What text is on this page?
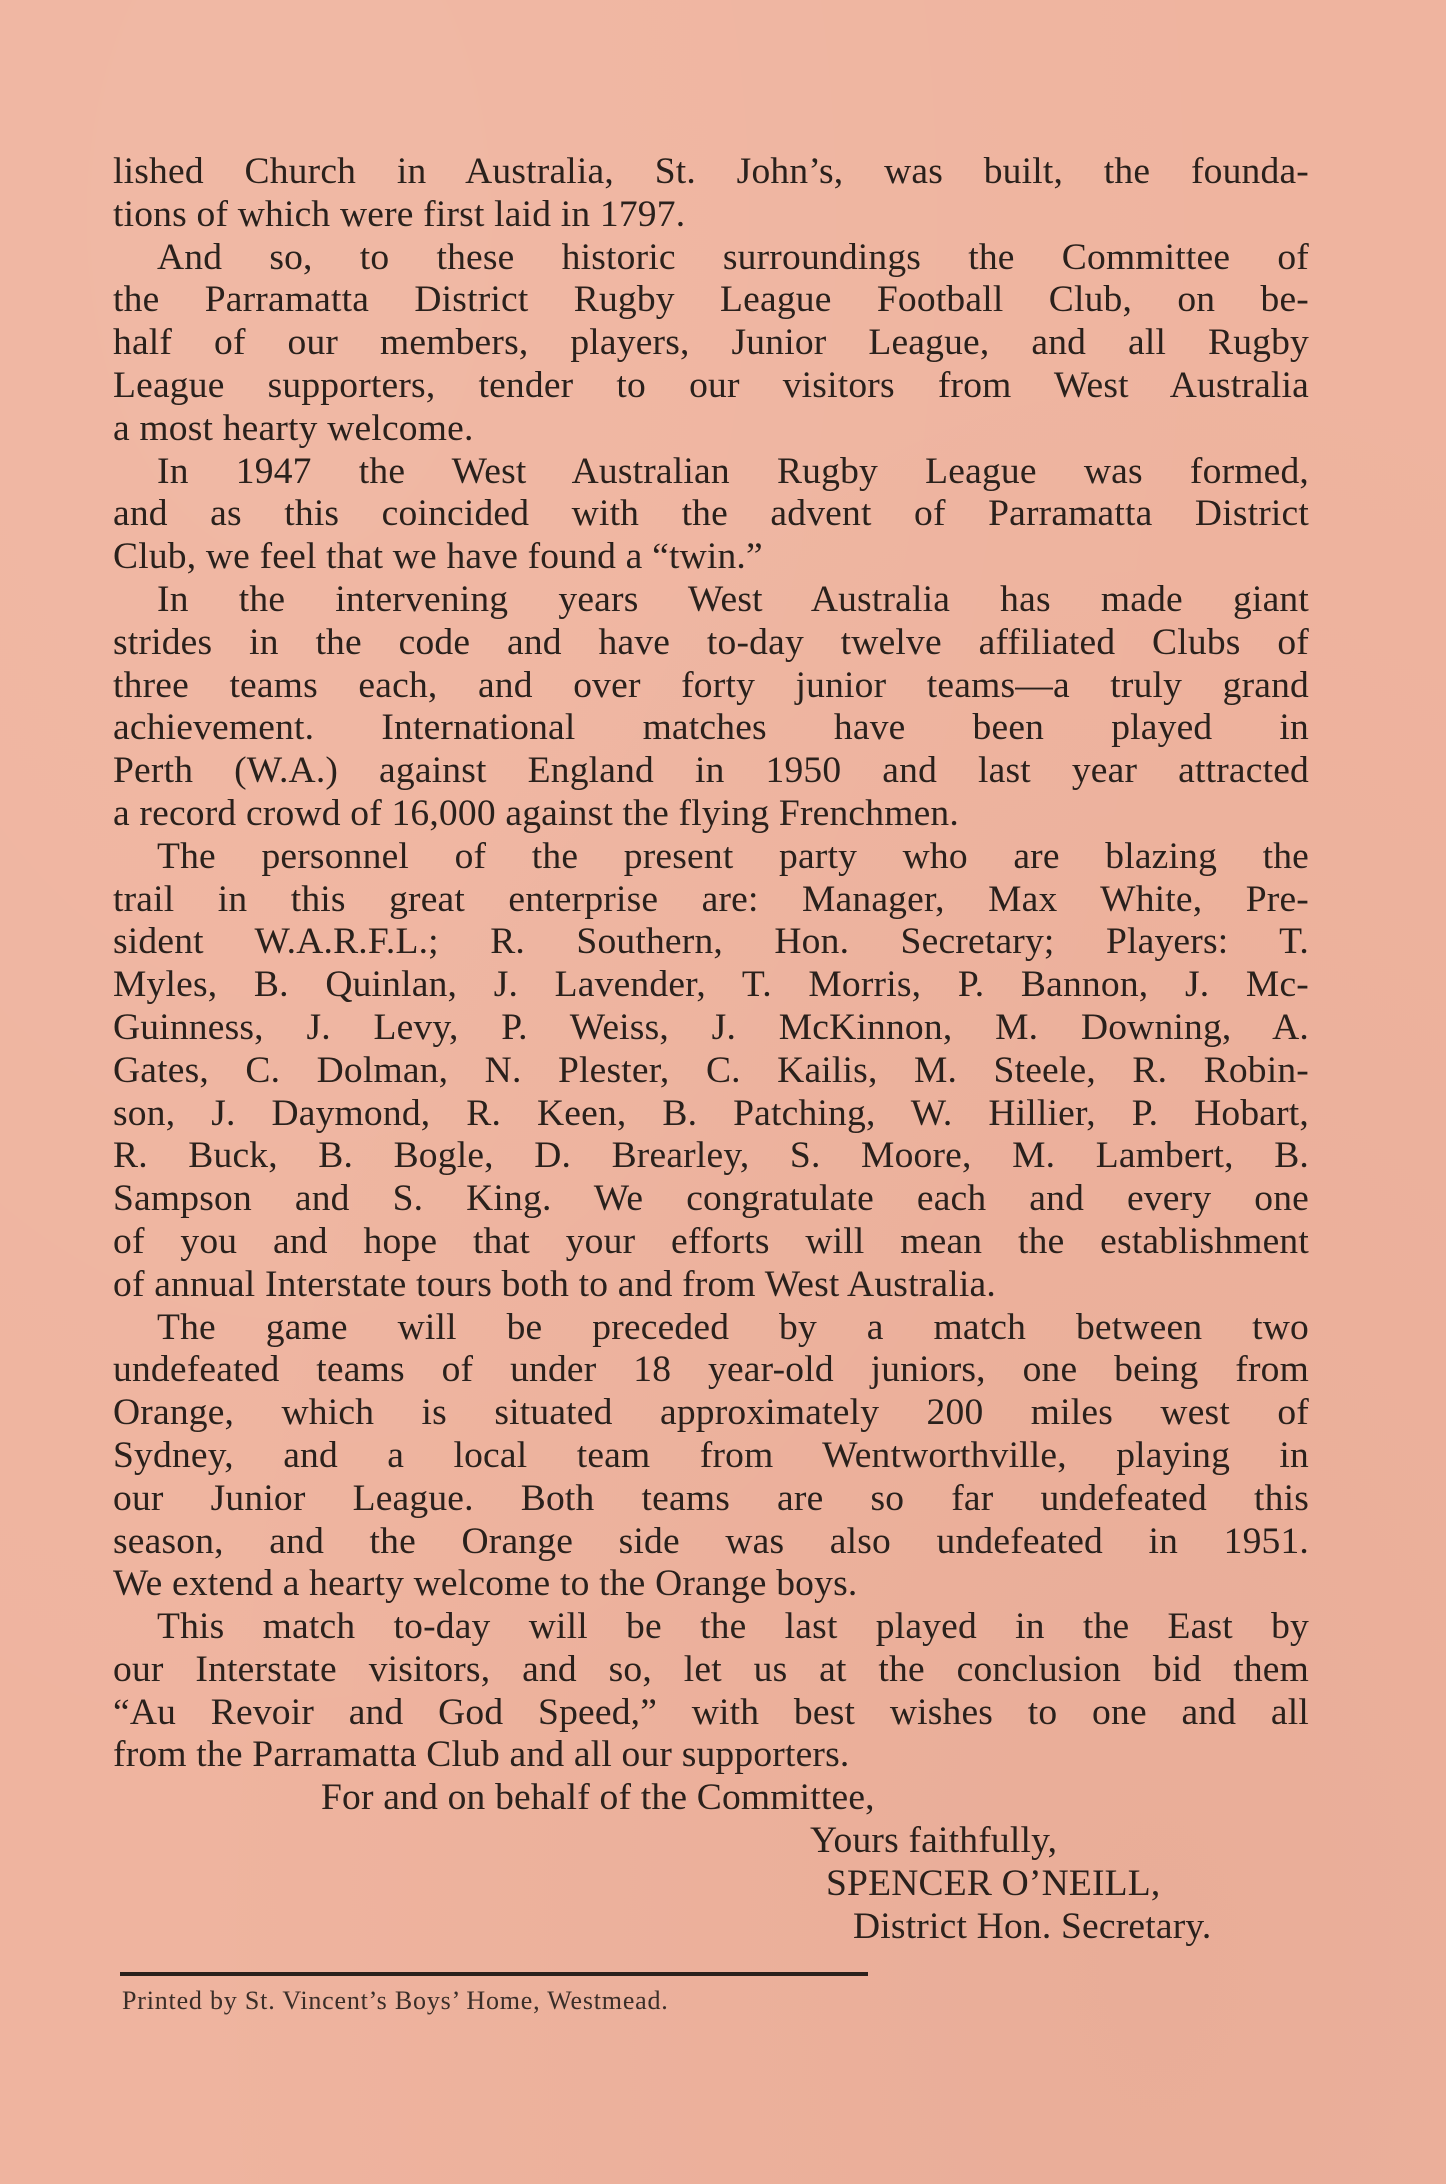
lished Church in Australia, St. John’s, was built, the founda-
tions of which were first laid in 1797.
And so, to these historic surroundings the Committee of
the Parramatta District Rugby League Football Club, on be-
half of our members, players, Junior League, and all Rugby
League supporters, tender to our visitors from West Australia
a most hearty welcome.
In 1947 the West Australian Rugby League was formed,
and as this coincided with the advent of Parramatta District
Club, we feel that we have found a “twin.”
In the intervening years West Australia has made giant
strides in the code and have to-day twelve affiliated Clubs of
three teams each, and over forty junior teams—a truly grand
achievement. International matches have been played in
Perth (W.A.) against England in 1950 and last year attracted
a record crowd of 16,000 against the flying Frenchmen.
The personnel of the present party who are blazing the
trail in this great enterprise are: Manager, Max White, Pre-
sident W.A.R.F.L.; R. Southern, Hon. Secretary; Players: T.
Myles, B. Quinlan, J. Lavender, T. Morris, P. Bannon, J. Mc-
Guinness, J. Levy, P. Weiss, J. McKinnon, M. Downing, A.
Gates, C. Dolman, N. Plester, C. Kailis, M. Steele, R. Robin-
son, J. Daymond, R. Keen, B. Patching, W. Hillier, P. Hobart,
R. Buck, B. Bogle, D. Brearley, S. Moore, M. Lambert, B.
Sampson and S. King. We congratulate each and every one
of you and hope that your efforts will mean the establishment
of annual Interstate tours both to and from West Australia.
The game will be preceded by a match between two
undefeated teams of under 18 year-old juniors, one being from
Orange, which is situated approximately 200 miles west of
Sydney, and a local team from Wentworthville, playing in
our Junior League. Both teams are so far undefeated this
season, and the Orange side was also undefeated in 1951.
We extend a hearty welcome to the Orange boys.
This match to-day will be the last played in the East by
our Interstate visitors, and so, let us at the conclusion bid them
“Au Revoir and God Speed,” with best wishes to one and all
from the Parramatta Club and all our supporters.
For and on behalf of the Committee,
Yours faithfully,
SPENCER O’NEILL,
District Hon. Secretary.
Printed by St. Vincent’s Boys’ Home, Westmead.
